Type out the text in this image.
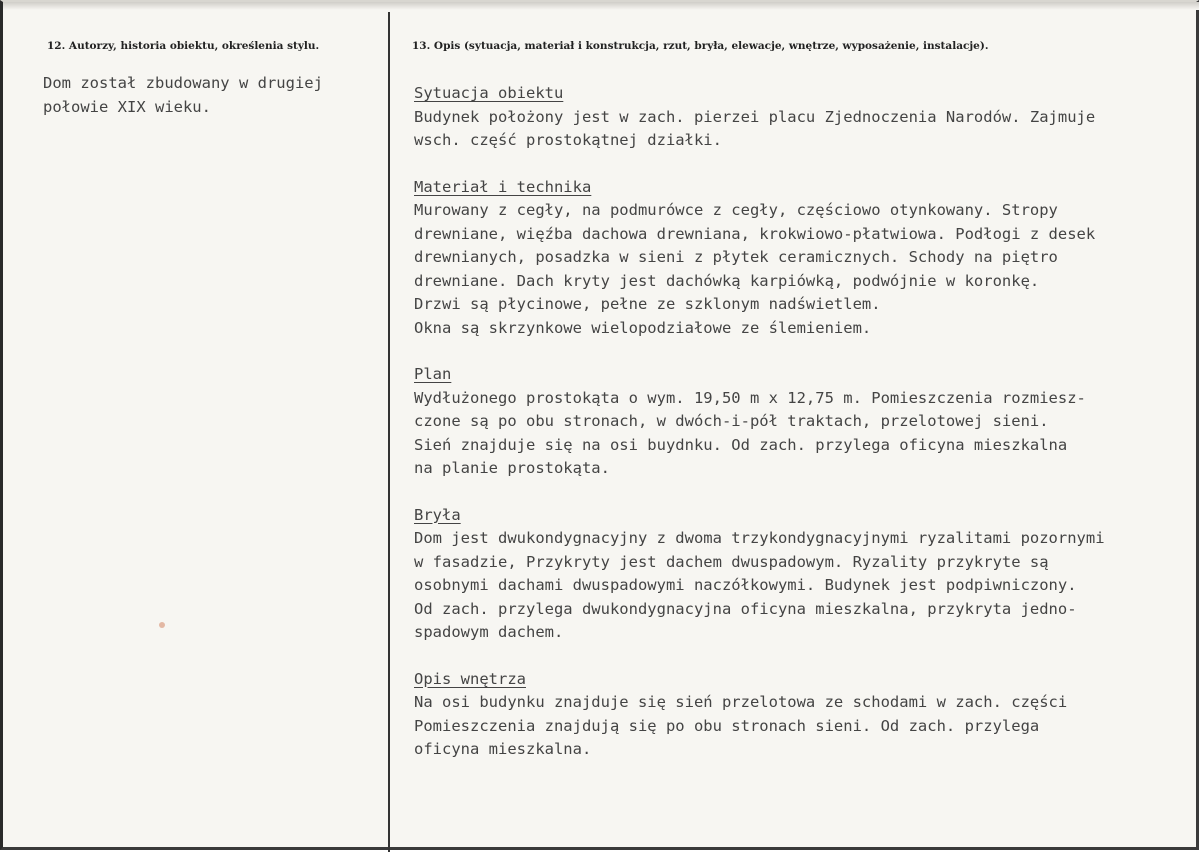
12. Autorzy, historia obiektu, określenia stylu.	13. Opis (sytuacja, materiał i konstrukcja, rzut, bryła, elewacje, wnętrze, wyposażenie, instalacje).
Dom został zbudowany w drugiej
połowie XIX wieku.
Sytuacja obiektu
Budynek położony jest w zach. pierzei placu Zjednoczenia Narodów. Zajmuje
wsch. część prostokątnej działki.
Materiał i technika
Murowany z cegły, na podmurówce z cegły, częściowo otynkowany. Stropy
drewniane, więźba dachowa drewniana, krokwiowo-płatwiowa. Podłogi z desek
drewnianych, posadzka w sieni z płytek ceramicznych. Schody na piętro
drewniane. Dach kryty jest dachówką karpiówką, podwójnie w koronkę.
Drzwi są płycinowe, pełne ze szklonym nadświetlem.
Okna są skrzynkowe wielopodziałowe ze ślemieniem.
Plan
Wydłużonego prostokąta o wym. 19,50 m x 12,75 m. Pomieszczenia rozmiesz-
czone są po obu stronach, w dwóch-i-pół traktach, przelotowej sieni.
Sień znajduje się na osi buydnku. Od zach. przylega oficyna mieszkalna
na planie prostokąta.
Bryła
Dom jest dwukondygnacyjny z dwoma trzykondygnacyjnymi ryzalitami pozornymi
w fasadzie, Przykryty jest dachem dwuspadowym. Ryzality przykryte są
osobnymi dachami dwuspadowymi naczółkowymi. Budynek jest podpiwniczony.
Od zach. przylega dwukondygnacyjna oficyna mieszkalna, przykryta jedno-
spadowym dachem.
Opis wnętrza
Na osi budynku znajduje się sień przelotowa ze schodami w zach. części
Pomieszczenia znajdują się po obu stronach sieni. Od zach. przylega
oficyna mieszkalna.
